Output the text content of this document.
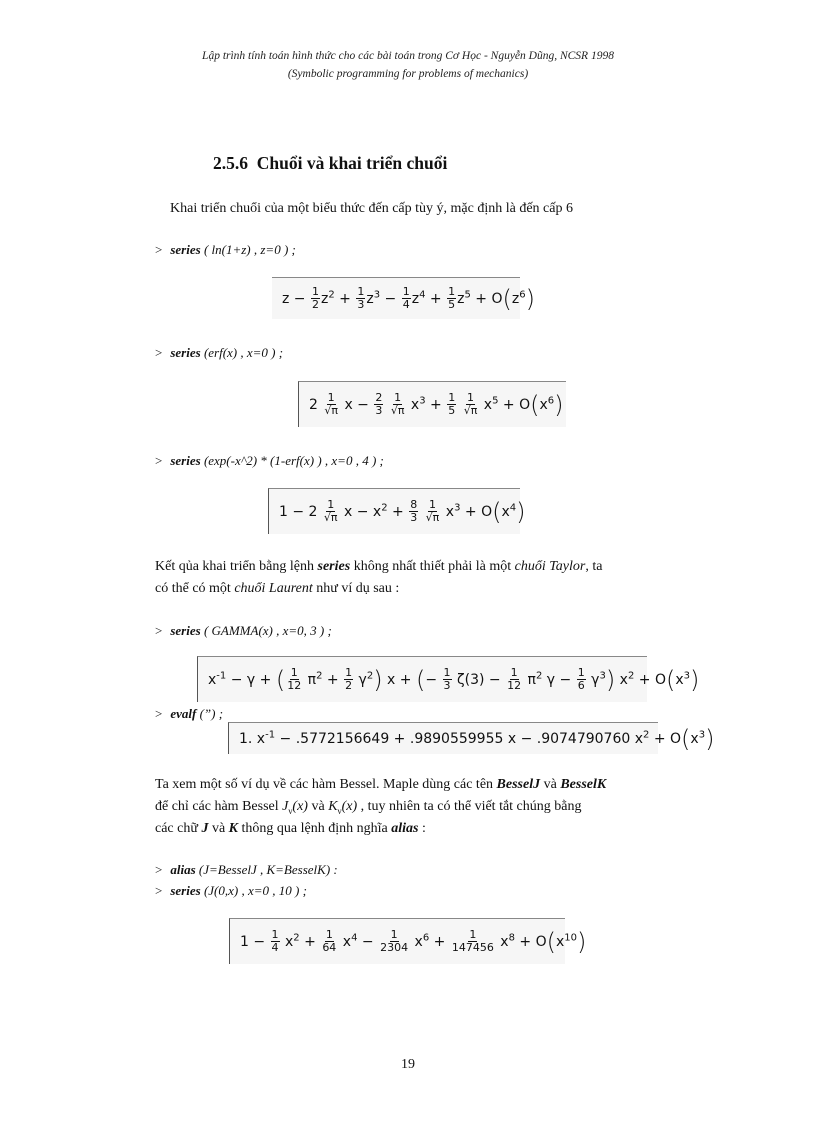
Lập trình tính toán hình thức cho các bài toán trong Cơ Học - Nguyễn Dũng, NCSR 1998
(Symbolic programming for problems of mechanics)
2.5.6 Chuổi và khai triển chuổi
Khai triển chuổi của một biểu thức đến cấp tùy ý, mặc định là đến cấp 6
> series ( ln(1+z) , z=0 ) ;
$z - \frac{1}{2} z^2 + \frac{1}{3} z^3 - \frac{1}{4} z^4 + \frac{1}{5} z^5 + O(z^6)$
> series (erf(x) , x=0 ) ;
$2 \frac{1}{√\pi}$ $x - \frac{2}{3}$
$\frac{1}{√\pi} x^3 + \frac{1}{5}$
$\frac{1}{√\pi} x^5 + O(x^6)$
> series (exp(-x^2) * (1-erf(x) ) , x=0 , 4 ) ;
$1 - 2 \frac{1}{√\pi}$ $x - x^2 + \frac{8}{3}$
$\frac{1}{√\pi} x^3 + O(x^4)$
Kết qủa khai triển bằng lệnh series không nhất thiết phải là một chuổi Taylor, ta
có thể có một chuổi Laurent như ví dụ sau :
> series ( GAMMA(x) , x=0, 3 ) ;
$x^{-1} - \gamma$ + ( $\frac{1}{12} \pi^2 + \frac{1}{2} \gamma^2$) x + (− $\frac{1}{3} \zeta(3) - \frac{1}{12} \pi^2$ $\gamma - \frac{1}{6} \gamma^3$) $x^2 + O(x^3)$
> evalf (”) ;
1. $x^{-1} - .5772156649 + .9890559955$ x − .9074790760 $x^2 + O(x^3)$
Ta xem một số ví dụ về các hàm Bessel. Maple dùng các tên BesselJ và BesselK
để chỉ các hàm Bessel $J_\nu(x)$ và $K_\nu(x)$ , tuy nhiên ta có thể viết tắt chúng bằng
các chữ J và K thông qua lệnh định nghĩa alias :
> alias (J=BesselJ , K=BesselK) :
> series (J(0,x) , x=0 , 10 ) ;
$1 - \frac{1}{4} x^2 + \frac{1}{64} x^4 - \frac{1}{2304} x^6 + \frac{1}{147456} x^8 + O(x^{10})$
19
